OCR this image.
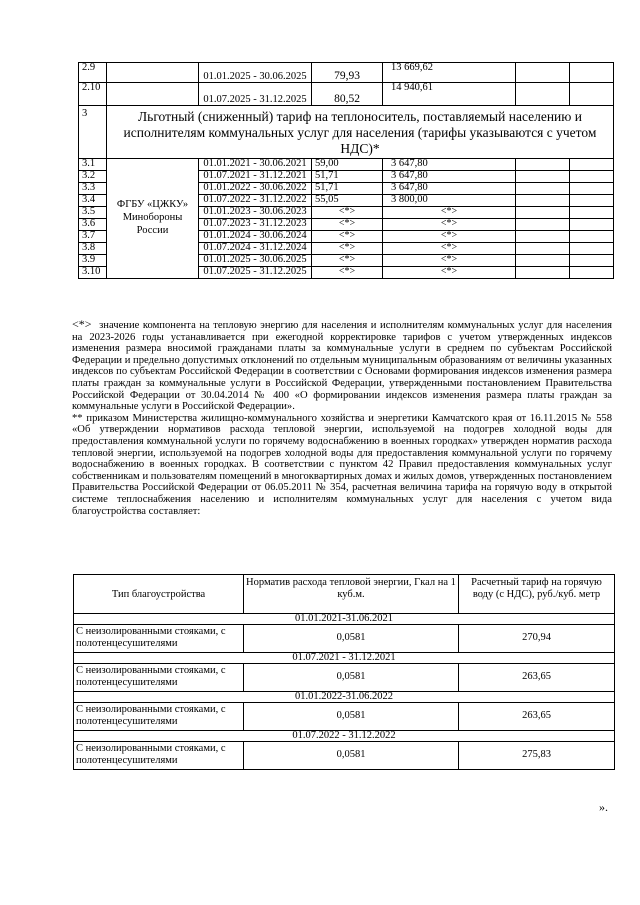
2.9		01.01.2025 - 30.06.2025	79,93	13 669,62		
2.10		01.07.2025 - 31.12.2025	80,52	14 940,61		
3	Льготный (сниженный) тариф на теплоноситель, поставляемый населению и исполнителям коммунальных услуг для населения (тарифы указываются с учетом НДС)*					
3.1	ФГБУ «ЦЖКУ» Минобороны России	01.01.2021 - 30.06.2021	59,00	3 647,80		
3.2		01.07.2021 - 31.12.2021	51,71	3 647,80		
3.3		01.01.2022 - 30.06.2022	51,71	3 647,80		
3.4		01.07.2022 - 31.12.2022	55,05	3 800,00		
3.5		01.01.2023 - 30.06.2023	<*>	<*>		
3.6		01.07.2023 - 31.12.2023	<*>	<*>		
3.7		01.01.2024 - 30.06.2024	<*>	<*>		
3.8		01.07.2024 - 31.12.2024	<*>	<*>		
3.9		01.01.2025 - 30.06.2025	<*>	<*>		
3.10		01.07.2025 - 31.12.2025	<*>	<*>		

<*> значение компонента на тепловую энергию для населения и исполнителям коммунальных услуг для населения на 2023-2026 годы устанавливается при ежегодной корректировке тарифов с учетом утвержденных индексов изменения размера вносимой гражданами платы за коммунальные услуги в среднем по субъектам Российской Федерации и предельно допустимых отклонений по отдельным муниципальным образованиям от величины указанных индексов по субъектам Российской Федерации в соответствии с Основами формирования индексов изменения размера платы граждан за коммунальные услуги в Российской Федерации, утвержденными постановлением Правительства Российской Федерации от 30.04.2014 № 400 «О формировании индексов изменения размера платы граждан за коммунальные услуги в Российской Федерации».

** приказом Министерства жилищно-коммунального хозяйства и энергетики Камчатского края от 16.11.2015 № 558 «Об утверждении нормативов расхода тепловой энергии, используемой на подогрев холодной воды для предоставления коммунальной услуги по горячему водоснабжению в военных городках» утвержден норматив расхода тепловой энергии, используемой на подогрев холодной воды для предоставления коммунальной услуги по горячему водоснабжению в военных городках. В соответствии с пунктом 42 Правил предоставления коммунальных услуг собственникам и пользователям помещений в многоквартирных домах и жилых домов, утвержденных постановлением Правительства Российской Федерации от 06.05.2011 № 354, расчетная величина тарифа на горячую воду в открытой системе теплоснабжения населению и исполнителям коммунальных услуг для населения с учетом вида благоустройства составляет:

Тип благоустройства	Норматив расхода тепловой энергии, Гкал на 1 куб.м.	Расчетный тариф на горячую воду (с НДС), руб./куб. метр
01.01.2021-31.06.2021		
С неизолированными стояками, с полотенцесушителями	0,0581	270,94
01.07.2021 - 31.12.2021		
С неизолированными стояками, с полотенцесушителями	0,0581	263,65
01.01.2022-31.06.2022		
С неизолированными стояками, с полотенцесушителями	0,0581	263,65
01.07.2022 - 31.12.2022		
С неизолированными стояками, с полотенцесушителями	0,0581	275,83
».
